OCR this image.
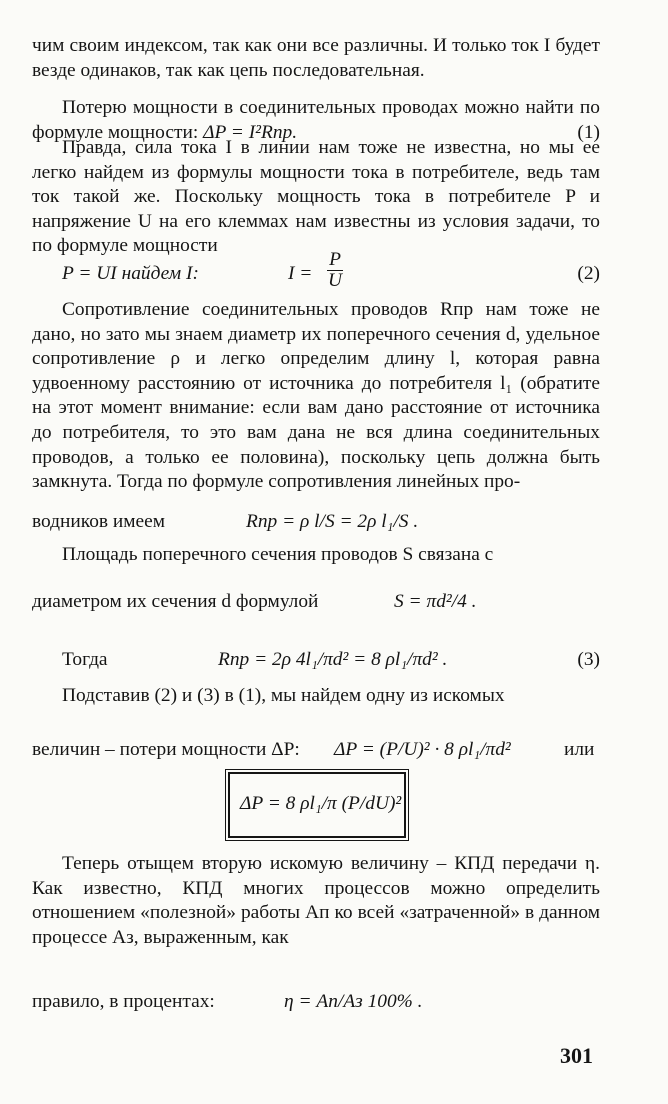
чим своим индексом, так как они все различны. И только ток I будет везде одинаков, так как цепь последовательная.

Потерю мощности в соединительных проводах можно найти по формуле мощности: ΔP = I²Rпр.	(1)

Правда, сила тока I в линии нам тоже не известна, но мы ее легко найдем из формулы мощности тока в потребителе, ведь там ток такой же. Поскольку мощность тока в потребителе P и напряжение U на его клеммах нам известны из условия задачи, то по формуле мощности

P = UI найдем I:	I =
P
U	(2)

Сопротивление соединительных проводов Rпр нам тоже не дано, но зато мы знаем диаметр их поперечного сечения d, удельное сопротивление ρ и легко определим длину l, которая равна удвоенному расстоянию от источника до потребителя l₁ (обратите на этот момент внимание: если вам дано расстояние от источника до потребителя, то это вам дана не вся длина соединительных проводов, а только ее половина), поскольку цепь должна быть замкнута. Тогда по формуле сопротивления линейных про-

водников имеем	Rпр = ρ l/S = 2ρ l₁/S .

Площадь поперечного сечения проводов S связана с

диаметром их сечения d формулой	S = πd²/4 .
Тогда	Rпр = 2ρ 4l₁/πd² = 8 ρl₁/πd² .	(3)

Подставив (2) и (3) в (1), мы найдем одну из искомых

величин – потери мощности ΔP: ΔP = (P/U)² · 8 ρl₁/πd²	или
ΔP = 8 ρl₁/π (P/dU)²

Теперь отыщем вторую искомую величину – КПД передачи η. Как известно, КПД многих процессов можно определить отношением «полезной» работы Aп ко всей «затраченной» в данном процессе Aз, выраженным, как

правило, в процентах:	η = Aп/Aз 100% .
301
